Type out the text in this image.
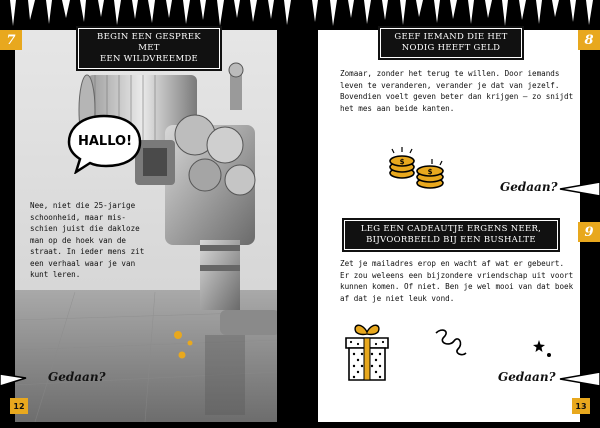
7	BEGIN EEN GESPREK MET
EEN WILDVREEMDE
HALLO!
Nee, niet die 25-jarige
schoonheid, maar mis-
schien juist die dakloze
man op de hoek van de
straat. In ieder mens zit
een verhaal waar je van
kunt leren.
Gedaan?
12
8
GEEF IEMAND DIE HET
NODIG HEEFT GELD
Zomaar, zonder het terug te willen. Door iemands
leven te veranderen, verander je dat van jezelf.
Bovendien voelt geven beter dan krijgen – zo snijdt
het mes aan beide kanten.
$
$
Gedaan?
9
LEG EEN CADEAUTJE ERGENS NEER,
BIJVOORBEELD BIJ EEN BUSHALTE
Zet je mailadres erop en wacht af wat er gebeurt.
Er zou weleens een bijzondere vriendschap uit voort
kunnen komen. Of niet. Ben je wel mooi van dat boek
af dat je niet leuk vond.
Gedaan?
13
